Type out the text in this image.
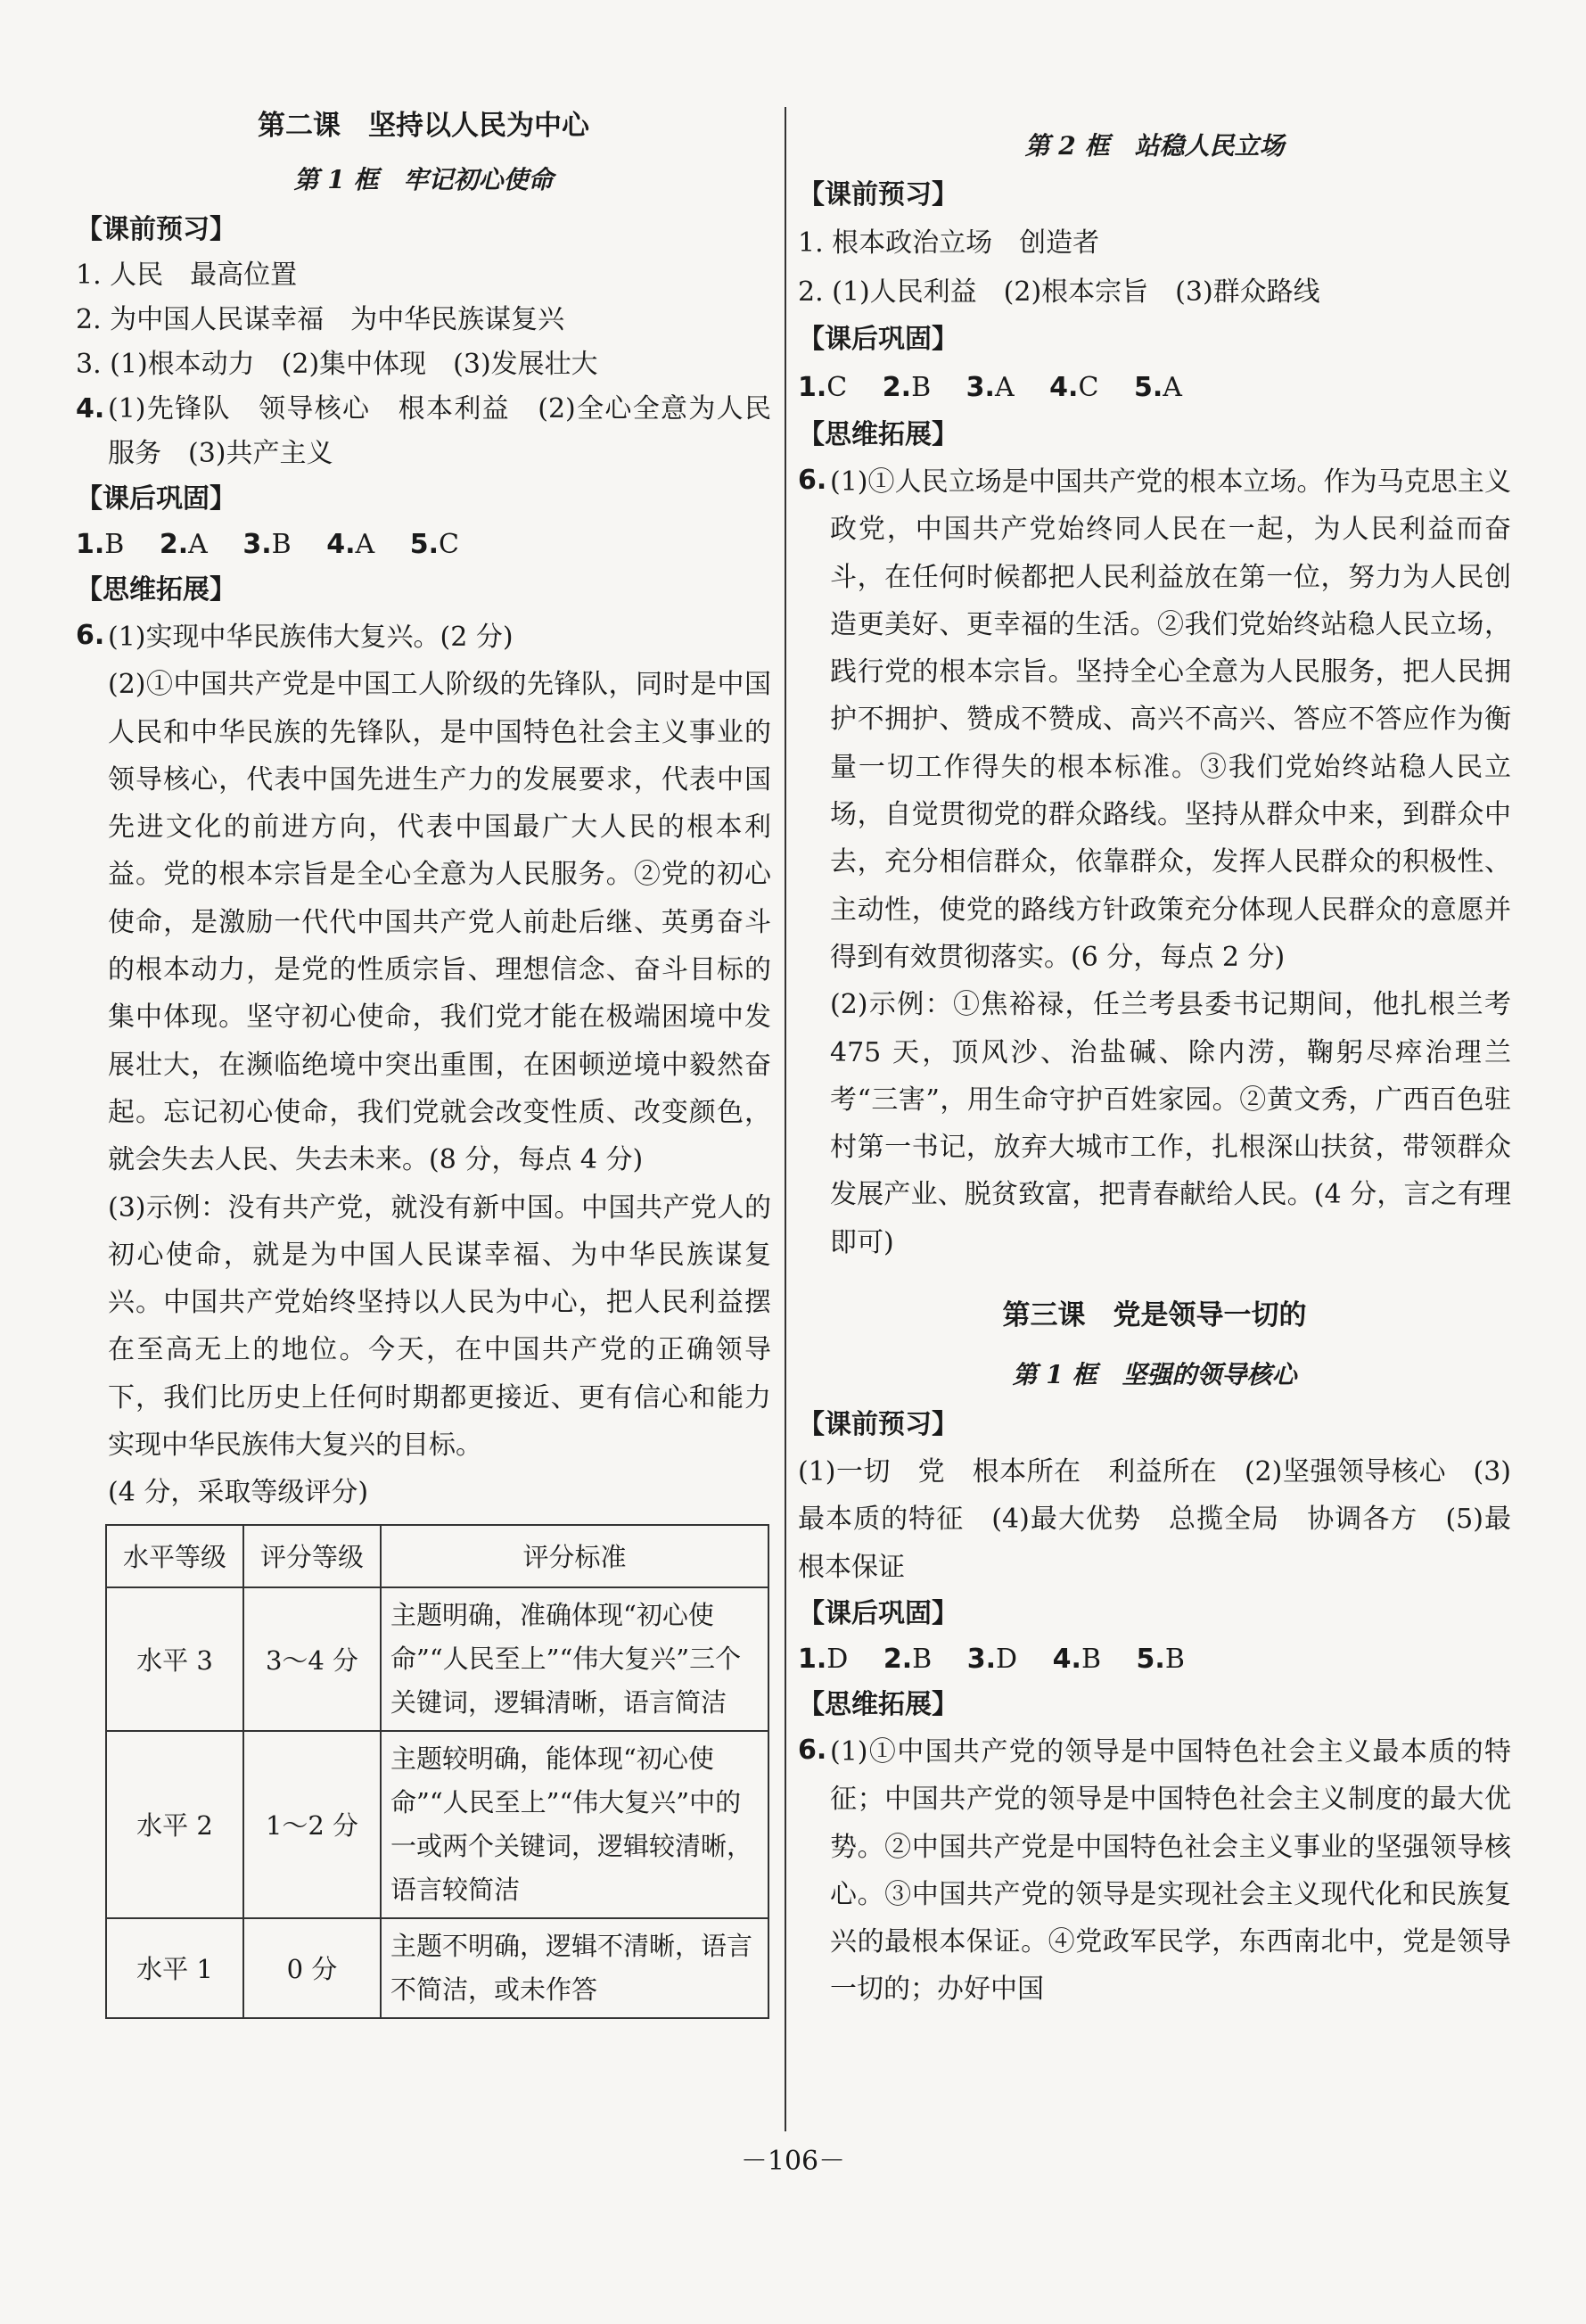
第二课　坚持以人民为中心
第 1 框　牢记初心使命
【课前预习】
1. 人民　最高位置
2. 为中国人民谋幸福　为中华民族谋复兴
3. (1)根本动力　(2)集中体现　(3)发展壮大
4. (1)先锋队　领导核心　根本利益　(2)全心全意为人民服务　(3)共产主义
【课后巩固】
1.B 2.A 3.B 4.A 5.C
【思维拓展】
6. (1)实现中华民族伟大复兴。(2 分)
(2)①中国共产党是中国工人阶级的先锋队，同时是中国人民和中华民族的先锋队，是中国特色社会主义事业的领导核心，代表中国先进生产力的发展要求，代表中国先进文化的前进方向，代表中国最广大人民的根本利益。党的根本宗旨是全心全意为人民服务。②党的初心使命，是激励一代代中国共产党人前赴后继、英勇奋斗的根本动力，是党的性质宗旨、理想信念、奋斗目标的集中体现。坚守初心使命，我们党才能在极端困境中发展壮大，在濒临绝境中突出重围，在困顿逆境中毅然奋起。忘记初心使命，我们党就会改变性质、改变颜色，就会失去人民、失去未来。(8 分，每点 4 分)
(3)示例：没有共产党，就没有新中国。中国共产党人的初心使命，就是为中国人民谋幸福、为中华民族谋复兴。中国共产党始终坚持以人民为中心，把人民利益摆在至高无上的地位。今天，在中国共产党的正确领导下，我们比历史上任何时期都更接近、更有信心和能力实现中华民族伟大复兴的目标。
(4 分，采取等级评分)
水平等级	评分等级	评分标准
水平 3	3～4 分	主题明确，准确体现“初心使命”“人民至上”“伟大复兴”三个关键词，逻辑清晰，语言简洁
水平 2	1～2 分	主题较明确，能体现“初心使命”“人民至上”“伟大复兴”中的一或两个关键词，逻辑较清晰，语言较简洁
水平 1	0 分	主题不明确，逻辑不清晰，语言不简洁，或未作答
第 2 框　站稳人民立场
【课前预习】
1. 根本政治立场　创造者
2. (1)人民利益　(2)根本宗旨　(3)群众路线
【课后巩固】
1.C 2.B 3.A 4.C 5.A
【思维拓展】
6. (1)①人民立场是中国共产党的根本立场。作为马克思主义政党，中国共产党始终同人民在一起，为人民利益而奋斗，在任何时候都把人民利益放在第一位，努力为人民创造更美好、更幸福的生活。②我们党始终站稳人民立场，践行党的根本宗旨。坚持全心全意为人民服务，把人民拥护不拥护、赞成不赞成、高兴不高兴、答应不答应作为衡量一切工作得失的根本标准。③我们党始终站稳人民立场，自觉贯彻党的群众路线。坚持从群众中来，到群众中去，充分相信群众，依靠群众，发挥人民群众的积极性、主动性，使党的路线方针政策充分体现人民群众的意愿并得到有效贯彻落实。(6 分，每点 2 分)
(2)示例：①焦裕禄，任兰考县委书记期间，他扎根兰考 475 天，顶风沙、治盐碱、除内涝，鞠躬尽瘁治理兰考“三害”，用生命守护百姓家园。②黄文秀，广西百色驻村第一书记，放弃大城市工作，扎根深山扶贫，带领群众发展产业、脱贫致富，把青春献给人民。(4 分，言之有理即可)
第三课　党是领导一切的
第 1 框　坚强的领导核心
【课前预习】
(1)一切　党　根本所在　利益所在　(2)坚强领导核心　(3)最本质的特征　(4)最大优势　总揽全局　协调各方　(5)最根本保证
【课后巩固】
1.D 2.B 3.D 4.B 5.B
【思维拓展】
6. (1)①中国共产党的领导是中国特色社会主义最本质的特征；中国共产党的领导是中国特色社会主义制度的最大优势。②中国共产党是中国特色社会主义事业的坚强领导核心。③中国共产党的领导是实现社会主义现代化和民族复兴的最根本保证。④党政军民学，东西南北中，党是领导一切的；办好中国
－106－
